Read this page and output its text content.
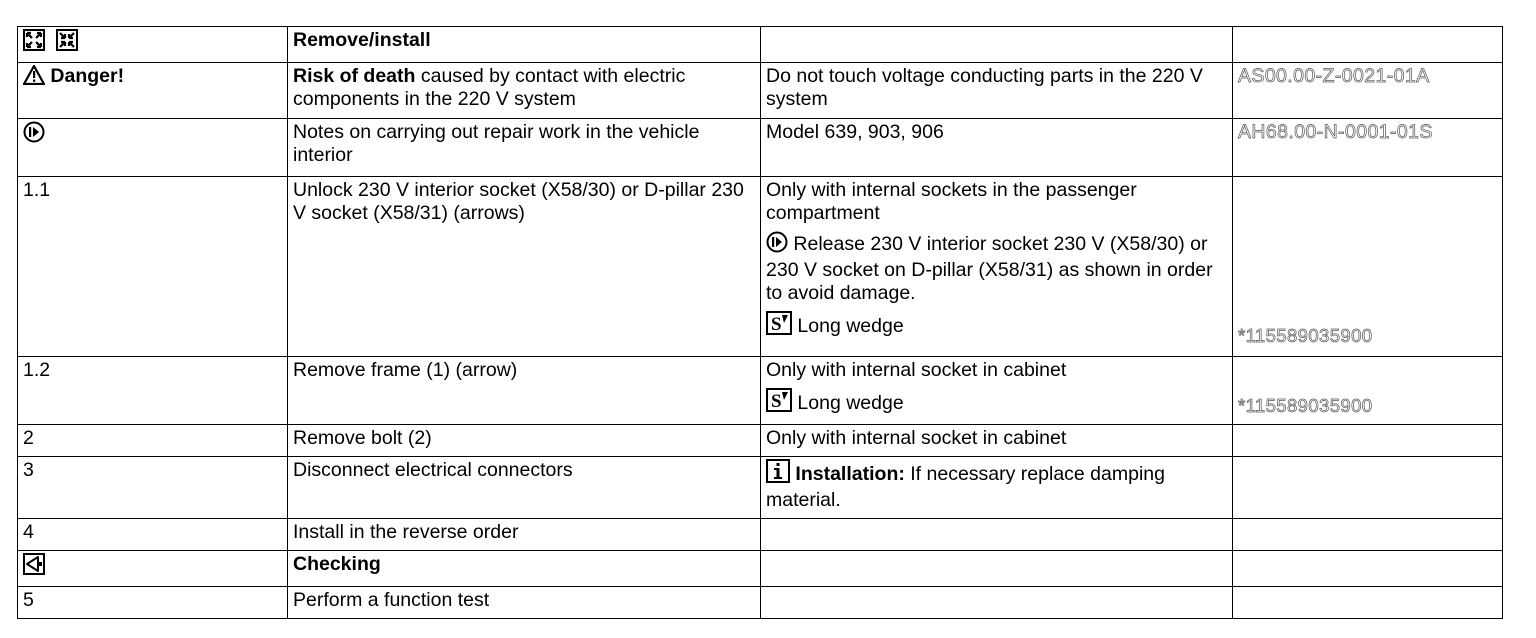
	Remove/install		
Danger!	Risk of death caused by contact with electric components in the 220 V system	Do not touch voltage conducting parts in the 220 V system	AS00.00-Z-0021-01A
	Notes on carrying out repair work in the vehicle interior	Model 639, 903, 906	AH68.00-N-0001-01S
1.1	Unlock 230 V interior socket (X58/30) or D-pillar 230 V socket (X58/31) (arrows)	Only with internal sockets in the passenger compartment
Release 230 V interior socket 230 V (X58/30) or 230 V socket on D-pillar (X58/31) as shown in order to avoid damage.
S Long wedge	*115589035900
1.2	Remove frame (1) (arrow)	Only with internal socket in cabinet
S Long wedge	*115589035900
2	Remove bolt (2)	Only with internal socket in cabinet	
3	Disconnect electrical connectors	Installation: If necessary replace damping material.	
4	Install in the reverse order		
	Checking		
5	Perform a function test		
